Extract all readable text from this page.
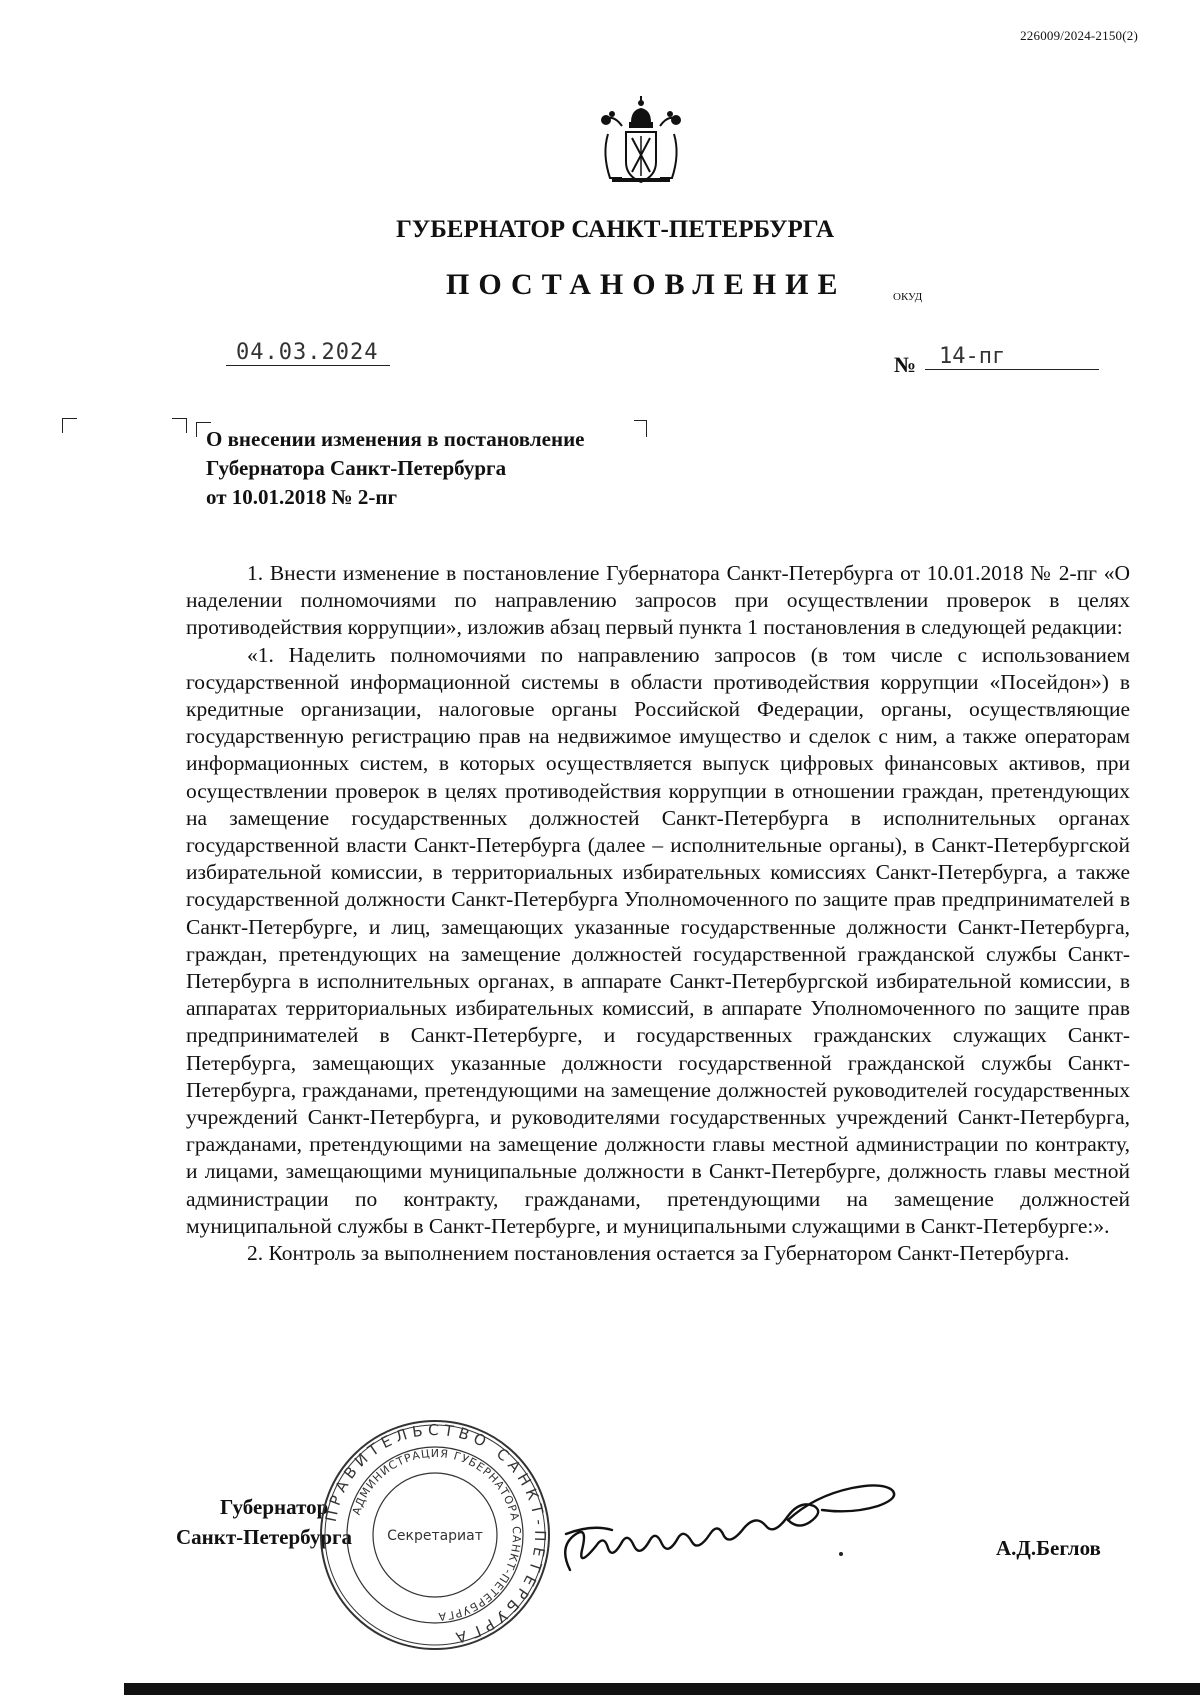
226009/2024-2150(2)
ГУБЕРНАТОР САНКТ-ПЕТЕРБУРГА
ПОСТАНОВЛЕНИЕ	ОКУД
04.03.2024	№	14-пг
О внесении изменения в постановление
Губернатора Санкт-Петербурга
от 10.01.2018 № 2-пг

1. Внести изменение в постановление Губернатора Санкт-Петербурга от 10.01.2018 № 2-пг «О наделении полномочиями по направлению запросов при осуществлении проверок в целях противодействия коррупции», изложив абзац первый пункта 1 постановления в следующей редакции:

«1. Наделить полномочиями по направлению запросов (в том числе с использованием государственной информационной системы в области противодействия коррупции «Посейдон») в кредитные организации, налоговые органы Российской Федерации, органы, осуществляющие государственную регистрацию прав на недвижимое имущество и сделок с ним, а также операторам информационных систем, в которых осуществляется выпуск цифровых финансовых активов, при осуществлении проверок в целях противодействия коррупции в отношении граждан, претендующих на замещение государственных должностей Санкт-Петербурга в исполнительных органах государственной власти Санкт-Петербурга (далее – исполнительные органы), в Санкт-Петербургской избирательной комиссии, в территориальных избирательных комиссиях Санкт-Петербурга, а также государственной должности Санкт-Петербурга Уполномоченного по защите прав предпринимателей в Санкт-Петербурге, и лиц, замещающих указанные государственные должности Санкт-Петербурга, граждан, претендующих на замещение должностей государственной гражданской службы Санкт-Петербурга в исполнительных органах, в аппарате Санкт-Петербургской избирательной комиссии, в аппаратах территориальных избирательных комиссий, в аппарате Уполномоченного по защите прав предпринимателей в Санкт-Петербурге, и государственных гражданских служащих Санкт-Петербурга, замещающих указанные должности государственной гражданской службы Санкт-Петербурга, гражданами, претендующими на замещение должностей руководителей государственных учреждений Санкт-Петербурга, и руководителями государственных учреждений Санкт-Петербурга, гражданами, претендующими на замещение должности главы местной администрации по контракту, и лицами, замещающими муниципальные должности в Санкт-Петербурге, должность главы местной администрации по контракту, гражданами, претендующими на замещение должностей муниципальной службы в Санкт-Петербурге, и муниципальными служащими в Санкт-Петербурге:».

2. Контроль за выполнением постановления остается за Губернатором Санкт-Петербурга.

Губернатор
Санкт-Петербурга
ПРАВИТЕЛЬСТВО САНКТ-ПЕТЕРБУРГА
АДМИНИСТРАЦИЯ ГУБЕРНАТОРА САНКТ-ПЕТЕРБУРГА
Секретариат	А.Д.Беглов
